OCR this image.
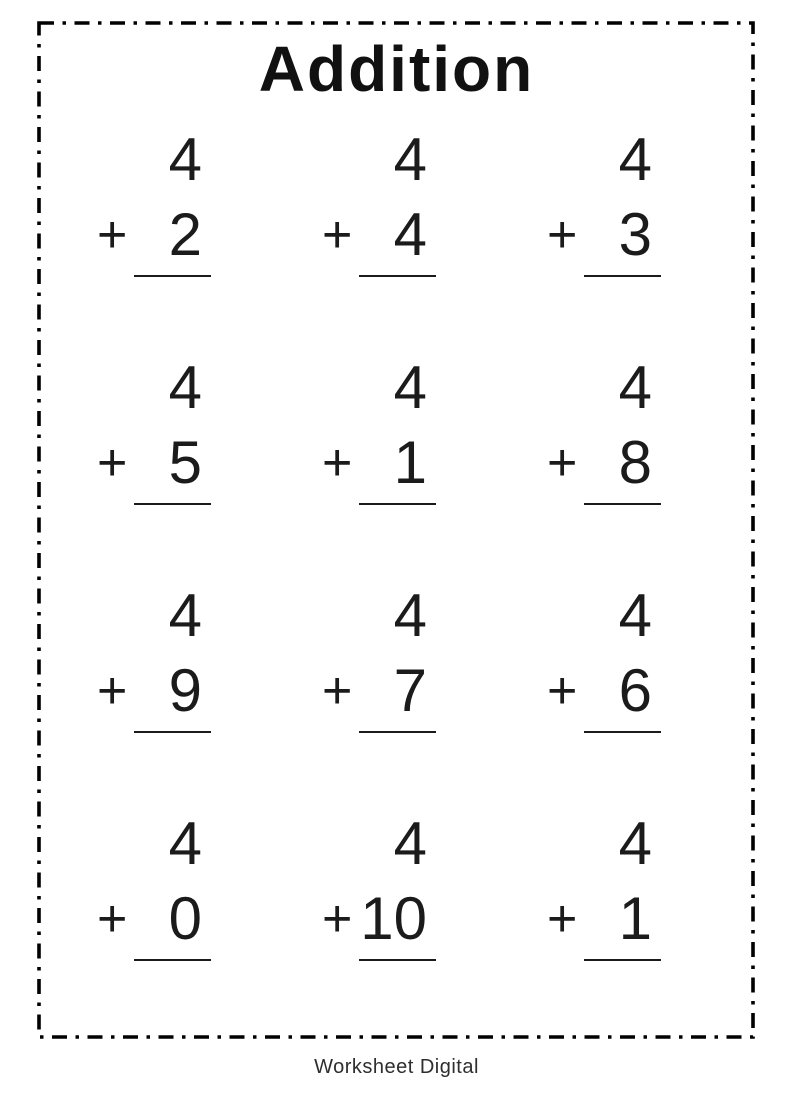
Addition
4
+ 2
4
+ 4
4
+ 3
4
+ 5
4
+ 1
4
+ 8
4
+ 9
4
+ 7
4
+ 6
4
+ 0
4
+ 10
4
+ 1
Worksheet Digital
